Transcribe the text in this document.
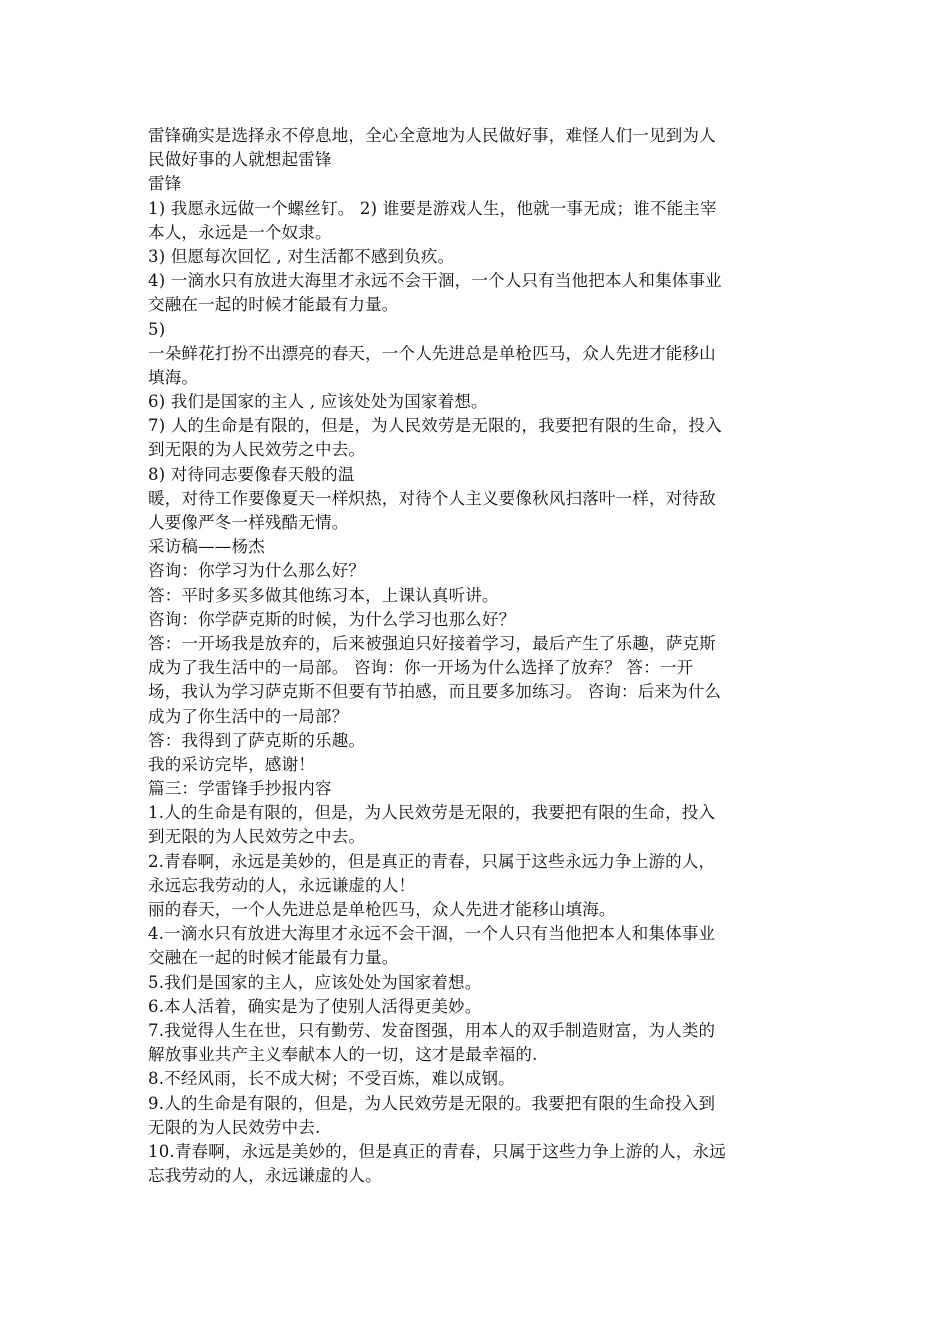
雷锋确实是选择永不停息地，全心全意地为人民做好事，难怪人们一见到为人
民做好事的人就想起雷锋
雷锋
1) 我愿永远做一个螺丝钉。 2) 谁要是游戏人生，他就一事无成；谁不能主宰
本人，永远是一个奴隶。
3) 但愿每次回忆 , 对生活都不感到负疚。
4) 一滴水只有放进大海里才永远不会干涸，一个人只有当他把本人和集体事业
交融在一起的时候才能最有力量。
5)
一朵鲜花打扮不出漂亮的春天，一个人先进总是单枪匹马，众人先进才能移山
填海。
6) 我们是国家的主人 , 应该处处为国家着想。
7) 人的生命是有限的，但是，为人民效劳是无限的，我要把有限的生命，投入
到无限的为人民效劳之中去。
8) 对待同志要像春天般的温
暖，对待工作要像夏天一样炽热，对待个人主义要像秋风扫落叶一样，对待敌
人要像严冬一样残酷无情。
采访稿——杨杰
咨询：你学习为什么那么好？
答：平时多买多做其他练习本，上课认真听讲。
咨询：你学萨克斯的时候，为什么学习也那么好？
答：一开场我是放弃的，后来被强迫只好接着学习，最后产生了乐趣，萨克斯
成为了我生活中的一局部。 咨询：你一开场为什么选择了放弃？ 答：一开
场，我认为学习萨克斯不但要有节拍感，而且要多加练习。 咨询：后来为什么
成为了你生活中的一局部？
答：我得到了萨克斯的乐趣。
我的采访完毕，感谢！
篇三：学雷锋手抄报内容
1.人的生命是有限的，但是，为人民效劳是无限的，我要把有限的生命，投入
到无限的为人民效劳之中去。
2.青春啊，永远是美妙的，但是真正的青春，只属于这些永远力争上游的人，
永远忘我劳动的人，永远谦虚的人！
丽的春天，一个人先进总是单枪匹马，众人先进才能移山填海。
4.一滴水只有放进大海里才永远不会干涸，一个人只有当他把本人和集体事业
交融在一起的时候才能最有力量。
5.我们是国家的主人，应该处处为国家着想。
6.本人活着，确实是为了使别人活得更美妙。
7.我觉得人生在世，只有勤劳、发奋图强，用本人的双手制造财富，为人类的
解放事业共产主义奉献本人的一切，这才是最幸福的.
8.不经风雨，长不成大树；不受百炼，难以成钢。
9.人的生命是有限的，但是，为人民效劳是无限的。我要把有限的生命投入到
无限的为人民效劳中去.
10.青春啊，永远是美妙的，但是真正的青春，只属于这些力争上游的人，永远
忘我劳动的人，永远谦虚的人。
